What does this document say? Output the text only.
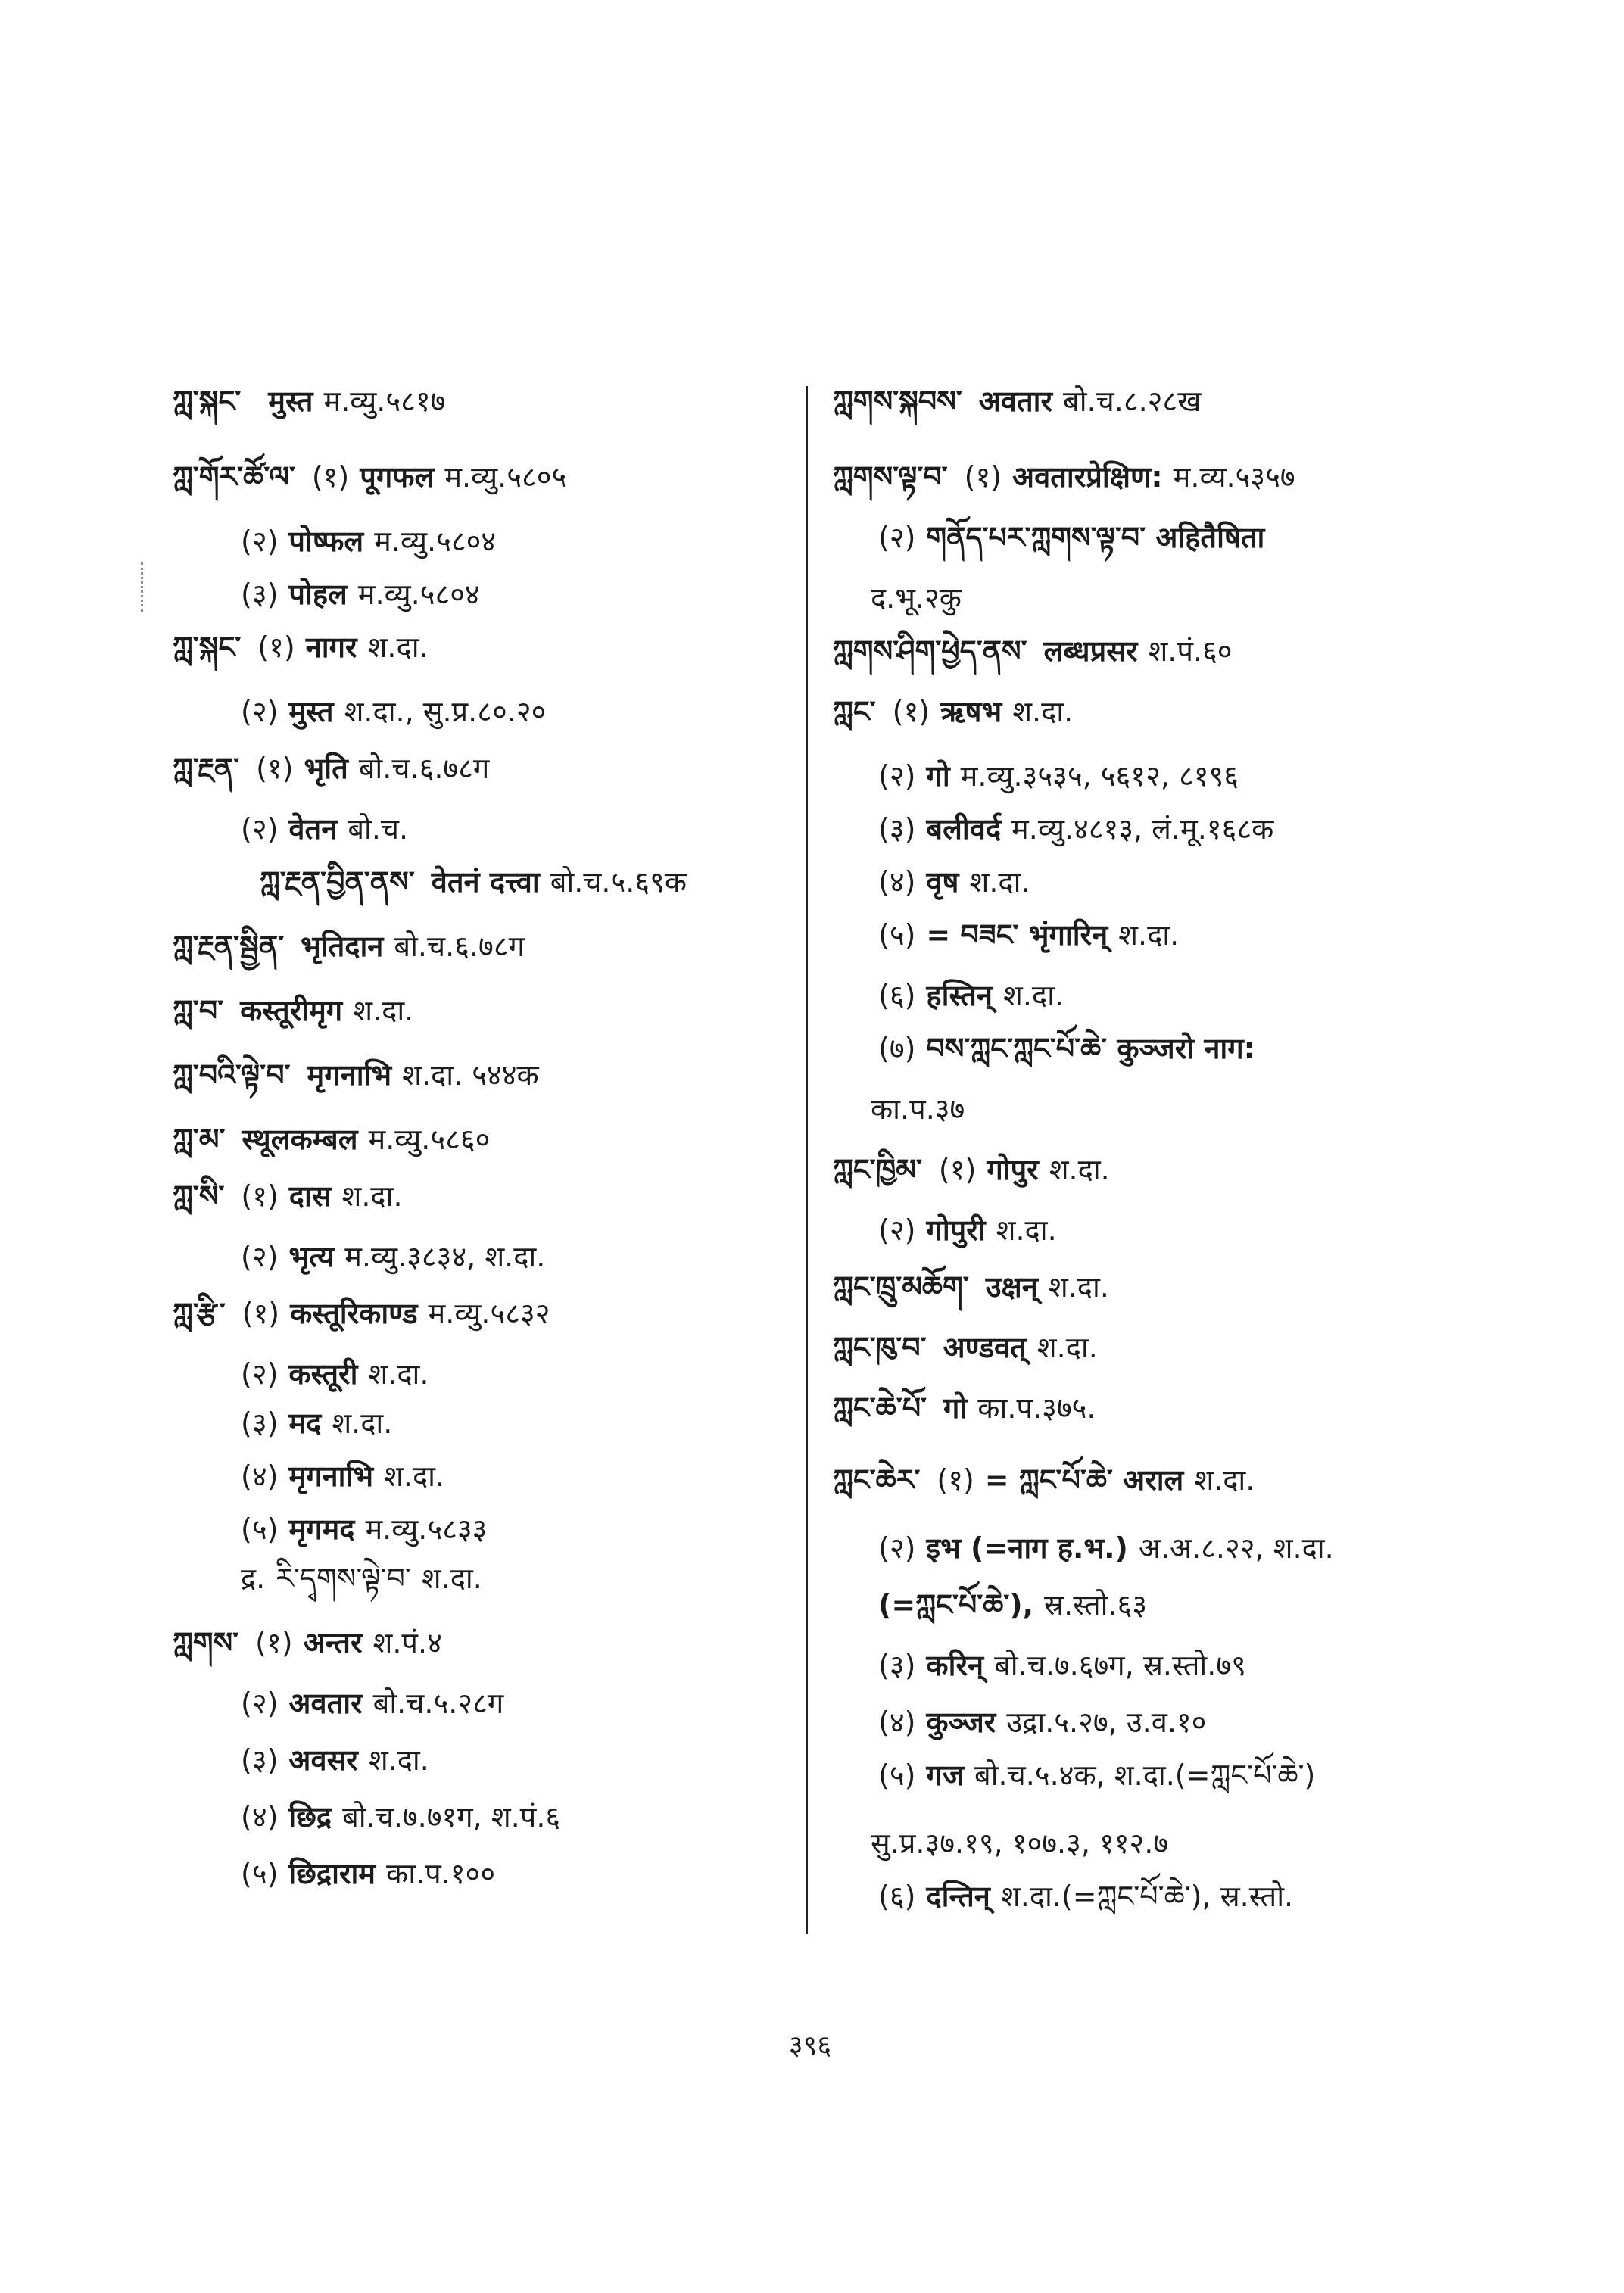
ཀླ་སྐང་ मुस्त म.व्यु.५८१७
ཀླ་གོར་ཚོ་ལ་ (१) पूगफल म.व्यु.५८०५
(२) पोष्फल म.व्यु.५८०४
(३) पोहल म.व्यु.५८०४
ཀླ་སྐང་ (१) नागर श.दा.
(२) मुस्त श.दा., सु.प्र.८०.२०
ཀླ་རྔན་ (१) भृति बो.च.६.७८ग
(२) वेतन बो.च.
ཀླ་རྔན་བྱིན་ནས་ वेतनं दत्त्वा बो.च.५.६९क
ཀླ་རྔན་སྦྱིན་ भृतिदान बो.च.६.७८ग
ཀླ་བ་ कस्तूरीमृग श.दा.
ཀླ་བའི་ལྟེ་བ་ मृगनाभि श.दा. ५४४क
ཀླ་མ་ स्थूलकम्बल म.व्यु.५८६०
ཀླ་སི་ (१) दास श.दा.
(२) भृत्य म.व्यु.३८३४, श.दा.
ཀླ་རྩི་ (१) कस्तूरिकाण्ड म.व्यु.५८३२
(२) कस्तूरी श.दा.
(३) मद श.दा.
(४) मृगनाभि श.दा.
(५) मृगमद म.व्यु.५८३३
द्र. རི་དྭགས་ལྟེ་བ་ श.दा.
ཀླགས་ (१) अन्तर श.पं.४
(२) अवतार बो.च.५.२८ग
(३) अवसर श.दा.
(४) छिद्र बो.च.७.७१ग, श.पं.६
(५) छिद्राराम का.प.१००
ཀླགས་སྐབས་ अवतार बो.च.८.२८ख
ཀླགས་ལྟ་བ་ (१) अवतारप्रेक्षिण: म.व्य.५३५७
(२) གནོད་པར་ཀླགས་ལྟ་བ་ अहितैषिता
द.भू.२कु
ཀླགས་ཤིག་ཕྱེད་ནས་ लब्धप्रसर श.पं.६०
ཀླང་ (१) ऋषभ श.दा.
(२) गो म.व्यु.३५३५, ५६१२, ८१९६
(३) बलीवर्द म.व्यु.४८१३, लं.मू.१६८क
(४) वृष श.दा.
(५) = བཟང་ भृंगारिन् श.दा.
(६) हस्तिन् श.दा.
(७) བས་ཀླང་ཀླང་པོ་ཆེ་ कुञ्जरो नाग:
का.प.३७
ཀླང་ཁྱིམ་ (१) गोपुर श.दा.
(२) गोपुरी श.दा.
ཀླང་ཁྲུ་མཆོག་ उक्षन् श.दा.
ཀླང་ཁུ་བ་ अण्डवत् श.दा.
ཀླང་ཆེ་པོ་ गो का.प.३७५.
ཀླང་ཆེར་ (१) = ཀླང་པོ་ཆེ་ अराल श.दा.
(२) इभ (=नाग ह.भ.) अ.अ.८.२२, श.दा.
(=ཀླང་པོ་ཆེ་), स्र.स्तो.६३
(३) करिन् बो.च.७.६७ग, स्र.स्तो.७९
(४) कुञ्जर उद्रा.५.२७, उ.व.१०
(५) गज बो.च.५.४क, श.दा.(=ཀླང་པོ་ཆེ་)
सु.प्र.३७.१९, १०७.३, ११२.७
(६) दन्तिन् श.दा.(=ཀླང་པོ་ཆེ་), स्र.स्तो.
३९६
